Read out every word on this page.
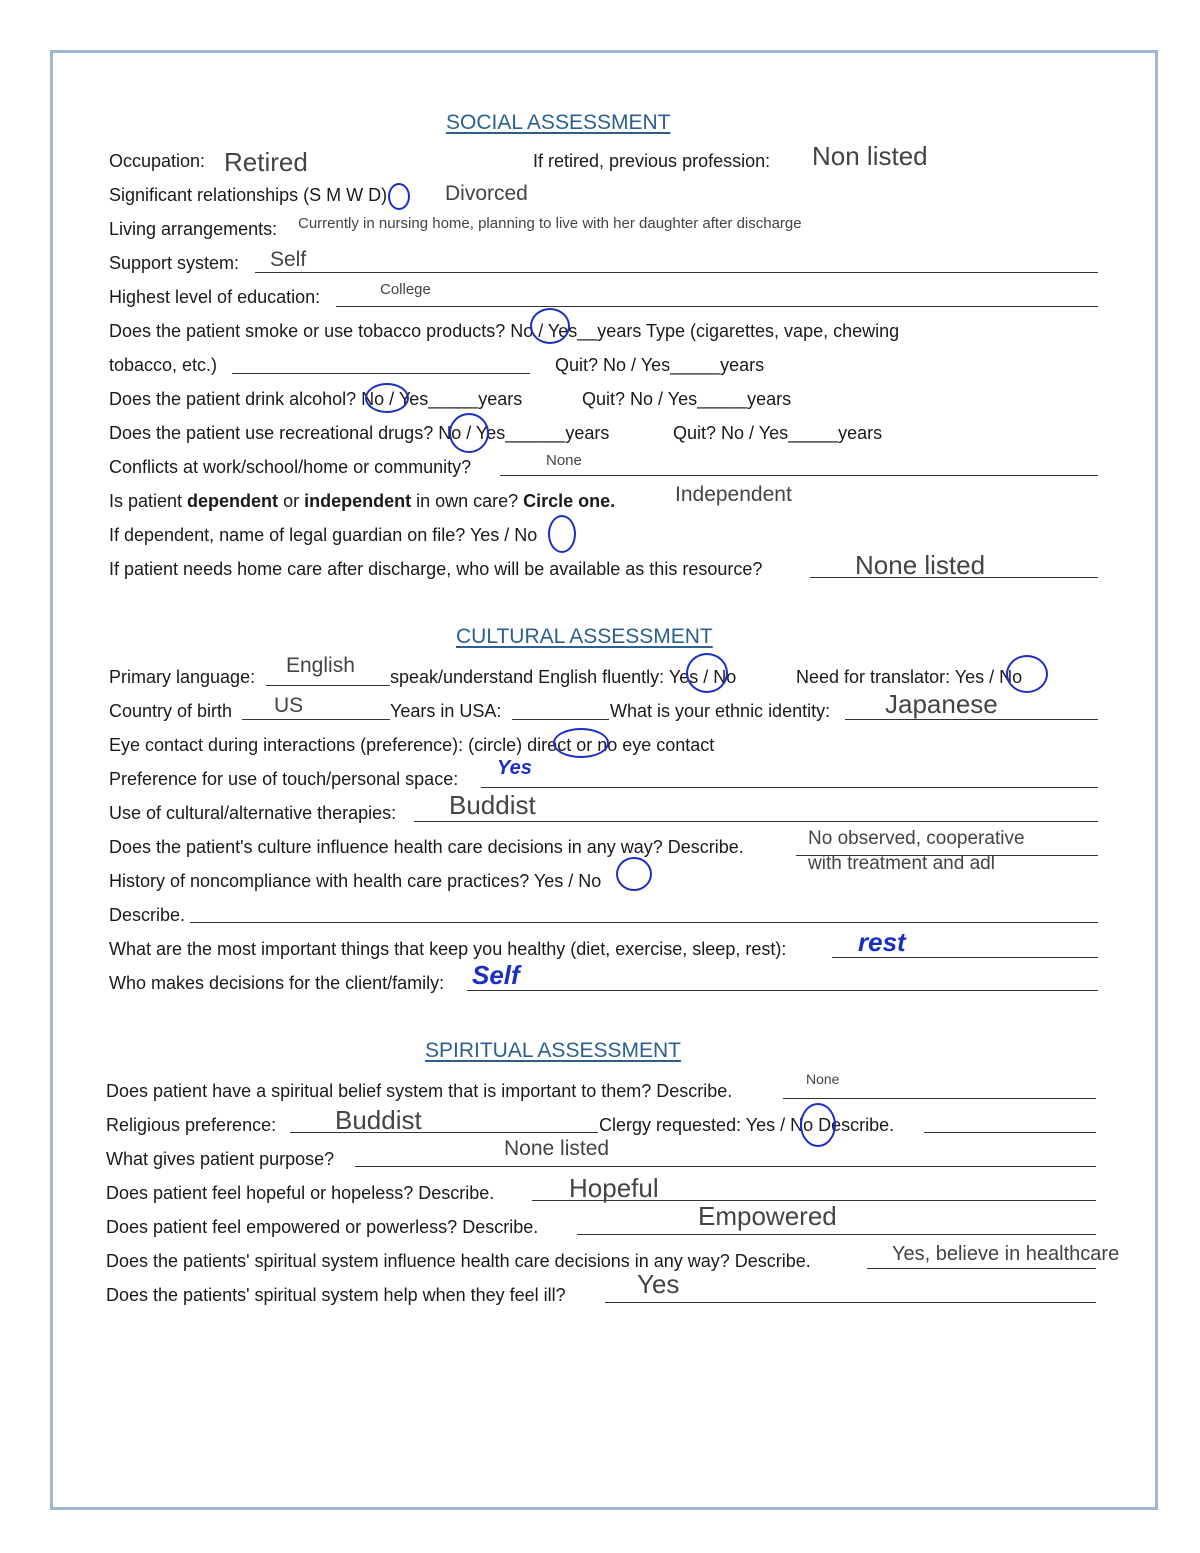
SOCIAL ASSESSMENT
Occupation: Retired	If retired, previous profession: Non listed
Significant relationships (S M W D)	Divorced
Living arrangements: Currently in nursing home, planning to live with her daughter after discharge
Support system: Self
Highest level of education:	College
Does the patient smoke or use tobacco products? No / Yes__years Type (cigarettes, vape, chewing
tobacco, etc.)	Quit? No / Yes_____years
Does the patient drink alcohol? No / Yes_____years	Quit? No / Yes_____years
Does the patient use recreational drugs? No / Yes______years	Quit? No / Yes_____years
Conflicts at work/school/home or community?	None
Is patient dependent or independent in own care? Circle one.	Independent
If dependent, name of legal guardian on file? Yes / No
If patient needs home care after discharge, who will be available as this resource?	None listed
CULTURAL ASSESSMENT
Primary language: English speak/understand English fluently: Yes / No	Need for translator: Yes / No
Country of birth US	Years in USA:	What is your ethnic identity: Japanese
Eye contact during interactions (preference): (circle) direct or no eye contact
Preference for use of touch/personal space: Yes
Use of cultural/alternative therapies: Buddist
Does the patient's culture influence health care decisions in any way? Describe.	No observed, cooperative
with treatment and adl
History of noncompliance with health care practices? Yes / No
Describe.
What are the most important things that keep you healthy (diet, exercise, sleep, rest):	rest
Who makes decisions for the client/family: Self
SPIRITUAL ASSESSMENT
Does patient have a spiritual belief system that is important to them? Describe.
None
Religious preference: Buddist	Clergy requested: Yes / No Describe.
What gives patient purpose?	None listed
Does patient feel hopeful or hopeless? Describe.	Hopeful
Does patient feel empowered or powerless? Describe.	Empowered
Does the patients' spiritual system influence health care decisions in any way? Describe.	Yes, believe in healthcare
Does the patients' spiritual system help when they feel ill?	Yes
